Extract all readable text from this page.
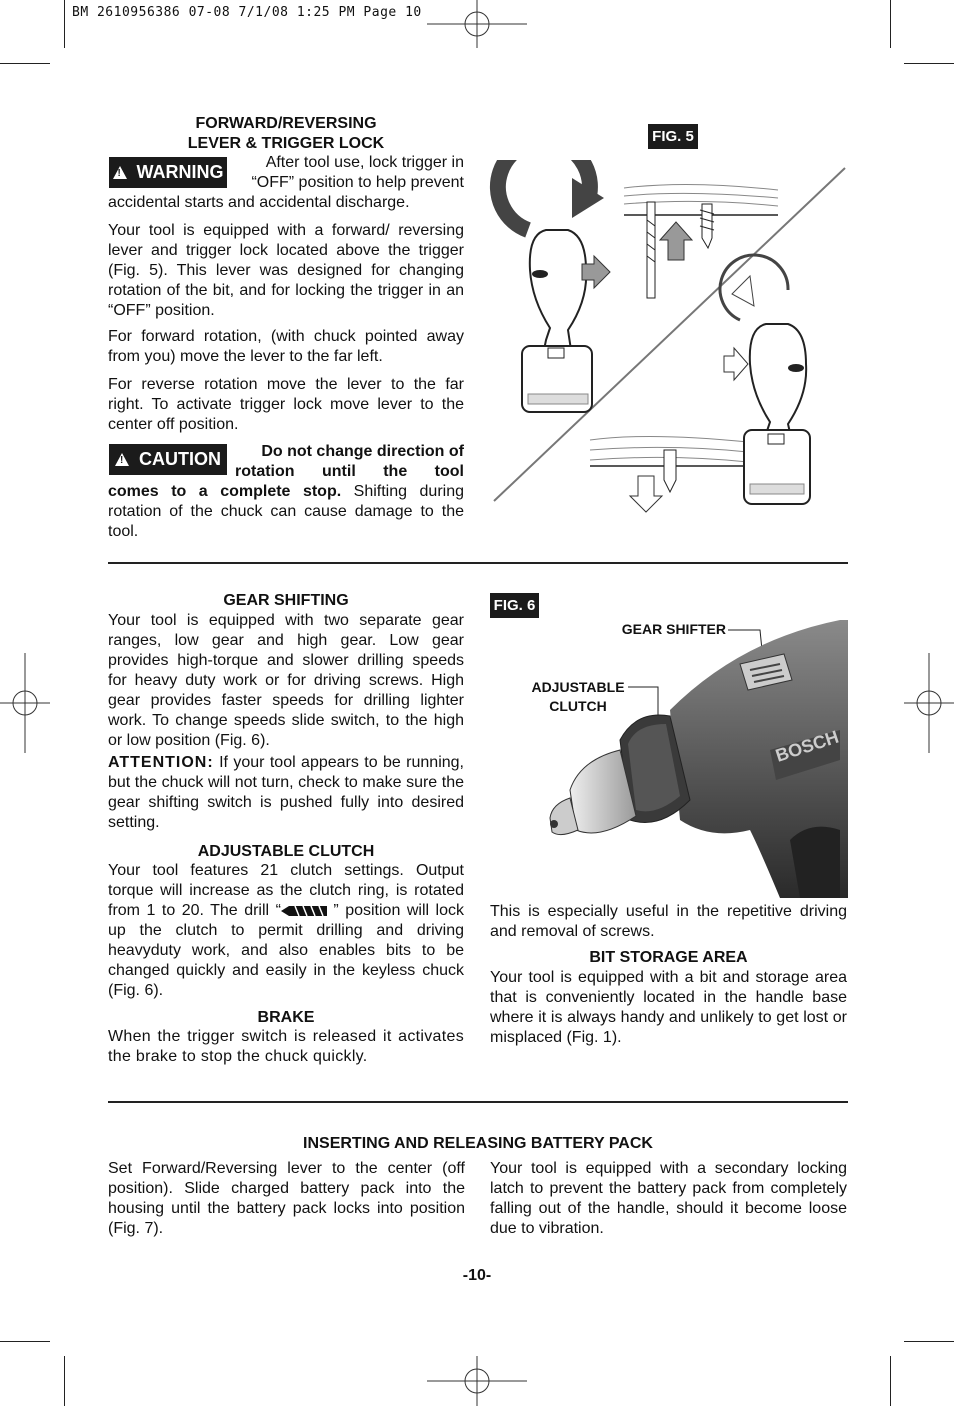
BM 2610956386 07-08 7/1/08 1:25 PM Page 10
FORWARD/REVERSING
LEVER & TRIGGER LOCK
! WARNING	After tool use, lock trigger in
“OFF” position to help prevent
accidental starts and accidental discharge.

Your tool is equipped with a forward/ reversing lever and trigger lock located above the trigger (Fig. 5). This lever was designed for changing rotation of the bit, and for locking the trigger in an “OFF” position.

For forward rotation, (with chuck pointed away from you) move the lever to the far left.

For reverse rotation move the lever to the far right. To activate trigger lock move lever to the center off position.

! CAUTION	Do not change direction of
rotation until the tool
comes to a complete stop. Shifting during

rotation of the chuck can cause damage to the tool.

FIG. 5
GEAR SHIFTING

Your tool is equipped with two separate gear ranges, low gear and high gear. Low gear provides high-torque and slower drilling speeds for heavy duty work or for driving screws. High gear provides faster speeds for drilling lighter work. To change speeds slide switch, to the high or low position (Fig. 6).

ATTENTION: If your tool appears to be running, but the chuck will not turn, check to make sure the gear shifting switch is pushed fully into desired setting.

ADJUSTABLE CLUTCH

Your tool features 21 clutch settings. Output torque will increase as the clutch ring, is rotated from 1 to 20. The drill “	” position will lock up the clutch to permit drilling and driving heavyduty work, and also enables bits to be changed quickly and easily in the keyless chuck (Fig. 6).

BRAKE

When the trigger switch is released it activates the brake to stop the chuck quickly.

FIG. 6
GEAR SHIFTER
ADJUSTABLE
CLUTCH
BOSCH

This is especially useful in the repetitive driving and removal of screws.

BIT STORAGE AREA

Your tool is equipped with a bit and storage area that is conveniently located in the handle base where it is always handy and unlikely to get lost or misplaced (Fig. 1).

INSERTING AND RELEASING BATTERY PACK

Set Forward/Reversing lever to the center (off position). Slide charged battery pack into the housing until the battery pack locks into position (Fig. 7).

Your tool is equipped with a secondary locking latch to prevent the battery pack from completely falling out of the handle, should it become loose due to vibration.

-10-
